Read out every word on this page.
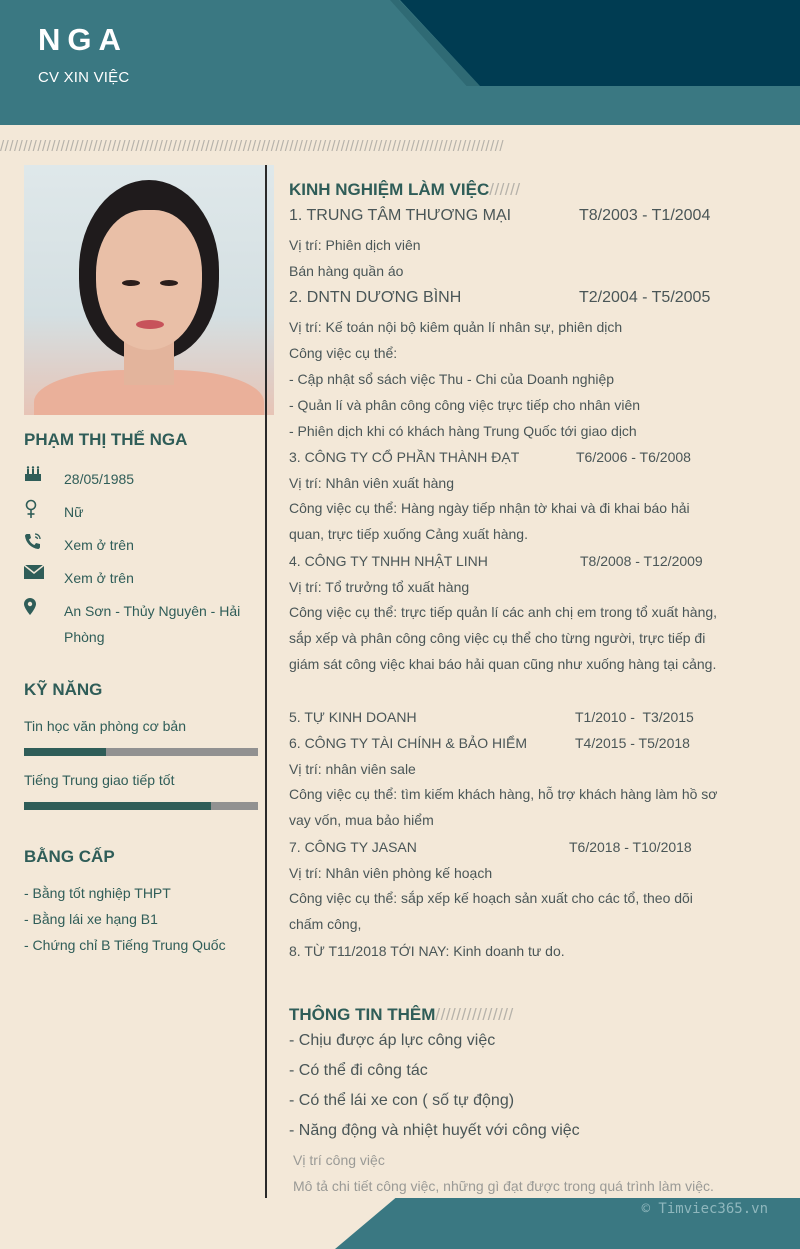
NGA
CV XIN VIỆC
////////////////////////////////////////////////////////////////////////////////////////////////////////////
PHẠM THỊ THẾ NGA
28/05/1985
Nữ
Xem ở trên
Xem ở trên
An Sơn - Thủy Nguyên - Hải Phòng
KỸ NĂNG
Tin học văn phòng cơ bản
Tiếng Trung giao tiếp tốt
BẰNG CẤP
- Bằng tốt nghiệp THPT
- Bằng lái xe hạng B1
- Chứng chỉ B Tiếng Trung Quốc
KINH NGHIỆM LÀM VIỆC//////
1. TRUNG TÂM THƯƠNG MẠI	T8/2003 - T1/2004
Vị trí: Phiên dịch viên
Bán hàng quần áo
2. DNTN DƯƠNG BÌNH	T2/2004 - T5/2005
Vị trí: Kế toán nội bộ kiêm quản lí nhân sự, phiên dịch
Công việc cụ thể:
- Cập nhật sổ sách việc Thu - Chi của Doanh nghiệp
- Quản lí và phân công công việc trực tiếp cho nhân viên
- Phiên dịch khi có khách hàng Trung Quốc tới giao dịch
3. CÔNG TY CỔ PHẦN THÀNH ĐẠT	T6/2006 - T6/2008
Vị trí: Nhân viên xuất hàng
Công việc cụ thể: Hàng ngày tiếp nhận tờ khai và đi khai báo hải quan, trực tiếp xuống Cảng xuất hàng.
4. CÔNG TY TNHH NHẬT LINH	T8/2008 - T12/2009
Vị trí: Tổ trưởng tổ xuất hàng
Công việc cụ thể: trực tiếp quản lí các anh chị em trong tổ xuất hàng, sắp xếp và phân công công việc cụ thể cho từng người, trực tiếp đi giám sát công việc khai báo hải quan cũng như xuống hàng tại cảng.
5. TỰ KINH DOANH	T1/2010 -  T3/2015
6. CÔNG TY TÀI CHÍNH & BẢO HIỂM	T4/2015 - T5/2018
Vị trí: nhân viên sale
Công việc cụ thể: tìm kiếm khách hàng, hỗ trợ khách hàng làm hồ sơ vay vốn, mua bảo hiểm
7. CÔNG TY JASAN	T6/2018 - T10/2018
Vị trí: Nhân viên phòng kế hoạch
Công việc cụ thể: sắp xếp kế hoạch sản xuất cho các tổ, theo dõi chấm công,
8. TỪ T11/2018 TỚI NAY: Kinh doanh tư do.
THÔNG TIN THÊM///////////////
- Chịu được áp lực công việc
- Có thể đi công tác
- Có thể lái xe con ( số tự động)
- Năng động và nhiệt huyết với công việc
Vị trí công việc
Mô tả chi tiết công việc, những gì đạt được trong quá trình làm việc.
© Timviec365.vn
